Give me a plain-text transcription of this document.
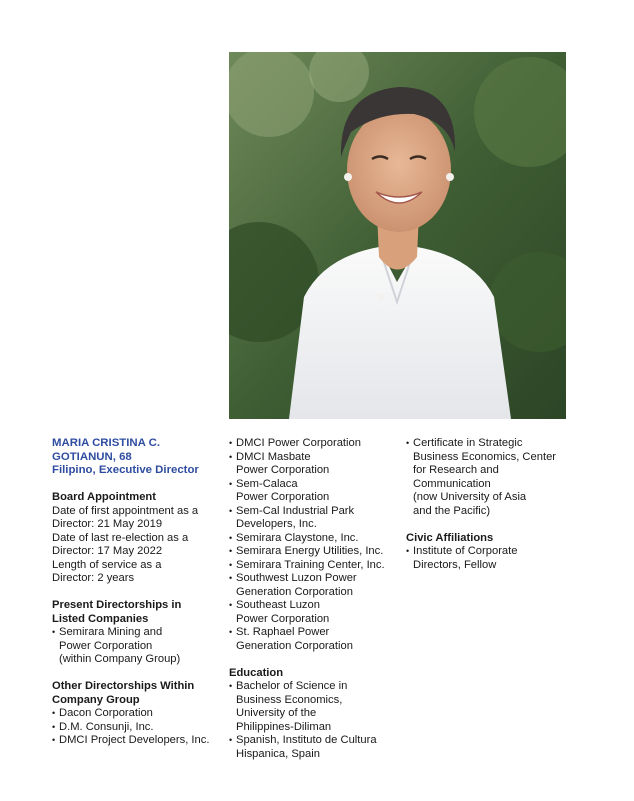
MARIA CRISTINA C.
GOTIANUN, 68
Filipino, Executive Director
Board Appointment
Date of first appointment as a
Director: 21 May 2019
Date of last re-election as a
Director: 17 May 2022
Length of service as a
Director: 2 years
Present Directorships in
Listed Companies
• Semirara Mining and
Power Corporation
(within Company Group)
Other Directorships Within
Company Group
• Dacon Corporation
• D.M. Consunji, Inc.
• DMCI Project Developers, Inc.
• DMCI Power Corporation
• DMCI Masbate
Power Corporation
• Sem-Calaca
Power Corporation
• Sem-Cal Industrial Park
Developers, Inc.
• Semirara Claystone, Inc.
• Semirara Energy Utilities, Inc.
• Semirara Training Center, Inc.
• Southwest Luzon Power
Generation Corporation
• Southeast Luzon
Power Corporation
• St. Raphael Power
Generation Corporation
Education
• Bachelor of Science in
Business Economics,
University of the
Philippines-Diliman
• Spanish, Instituto de Cultura
Hispanica, Spain
• Certificate in Strategic
Business Economics, Center
for Research and
Communication
(now University of Asia
and the Pacific)
Civic Affiliations
• Institute of Corporate
Directors, Fellow
